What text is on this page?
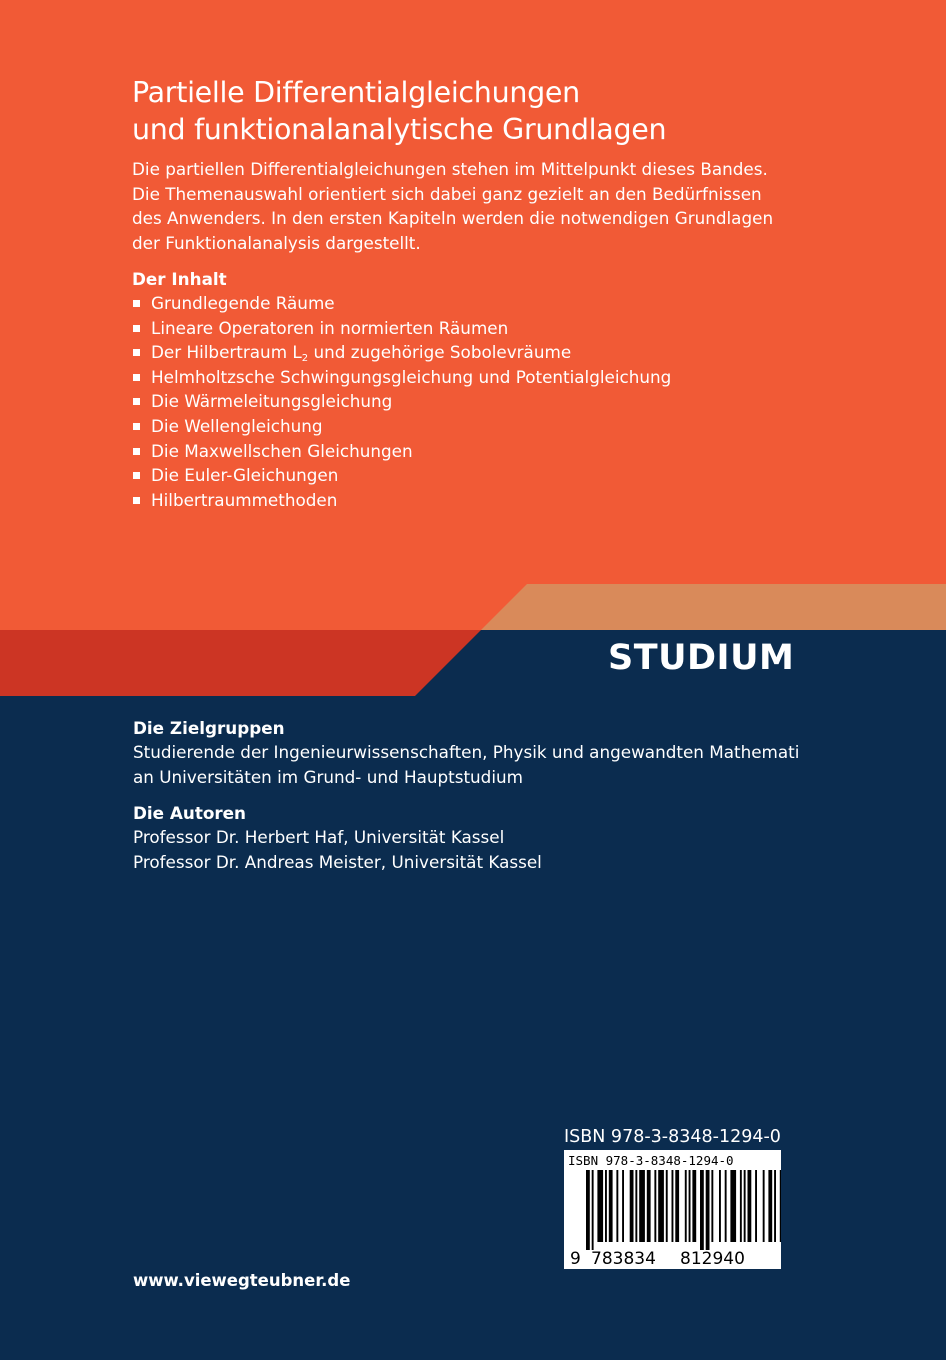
Partielle Differentialgleichungen
und funktionalanalytische Grundlagen

Die partiellen Differentialgleichungen stehen im Mittelpunkt dieses Bandes.
Die Themenauswahl orientiert sich dabei ganz gezielt an den Bedürfnissen
des Anwenders. In den ersten Kapiteln werden die notwendigen Grundlagen
der Funktionalanalysis dargestellt.

Der Inhalt
Grundlegende Räume
Lineare Operatoren in normierten Räumen
Der Hilbertraum $L_2$ und zugehörige Sobolevräume
Helmholtzsche Schwingungsgleichung und Potentialgleichung
Die Wärmeleitungsgleichung
Die Wellengleichung
Die Maxwellschen Gleichungen
Die Euler-Gleichungen
Hilbertraummethoden
STUDIUM
Die Zielgruppen

Studierende der Ingenieurwissenschaften, Physik und angewandten Mathemati
an Universitäten im Grund- und Hauptstudium

Die Autoren

Professor Dr. Herbert Haf, Universität Kassel
Professor Dr. Andreas Meister, Universität Kassel

ISBN 978-3-8348-1294-0
ISBN 978-3-8348-1294-0
9 783834 812940
www.viewegteubner.de
